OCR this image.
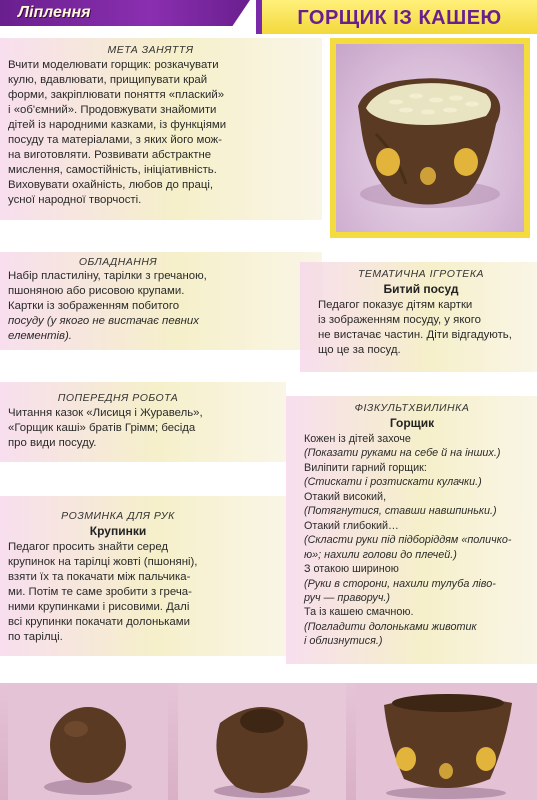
Ліплення	ГОРЩИК ІЗ КАШЕЮ
МЕТА ЗАНЯТТЯ
Вчити моделювати горщик: розкачувати
кулю, вдавлювати, прищипувати край
форми, закріплювати поняття «плаский»
і «об'ємний». Продовжувати знайомити
дітей із народними казками, із функціями
посуду та матеріалами, з яких його мож-
на виготовляти. Розвивати абстрактне
мислення, самостійність, ініціативність.
Виховувати охайність, любов до праці,
усної народної творчості.
ОБЛАДНАННЯ
Набір пластиліну, тарілки з гречаною,
пшоняною або рисовою крупами.
Картки із зображенням побитого
посуду (у якого не вистачає певних
елементів).
ТЕМАТИЧНА ІГРОТЕКА
Битий посуд
Педагог показує дітям картки
із зображенням посуду, у якого
не вистачає частин. Діти відгадують,
що це за посуд.
ПОПЕРЕДНЯ РОБОТА
Читання казок «Лисиця і Журавель»,
«Горщик каші» братів Грімм; бесіда
про види посуду.
ФІЗКУЛЬТХВИЛИНКА
Горщик
Кожен із дітей захоче
(Показати руками на себе й на інших.)
Виліпити гарний горщик:
(Стискати і розтискати кулачки.)
Отакий високий,
(Потягнутися, ставши навшпиньки.)
Отакий глибокий…
(Скласти руки під підборіддям «поличко-
ю»; нахили голови до плечей.)
З отакою шириною
(Руки в сторони, нахили тулуба ліво-
руч — праворуч.)
Та із кашею смачною.
(Погладити долоньками животик
і облизнутися.)
РОЗМИНКА ДЛЯ РУК
Крупинки
Педагог просить знайти серед
крупинок на тарілці жовті (пшоняні),
взяти їх та покачати між пальчика-
ми. Потім те саме зробити з греча-
ними крупинками і рисовими. Далі
всі крупинки покачати долоньками
по тарілці.
